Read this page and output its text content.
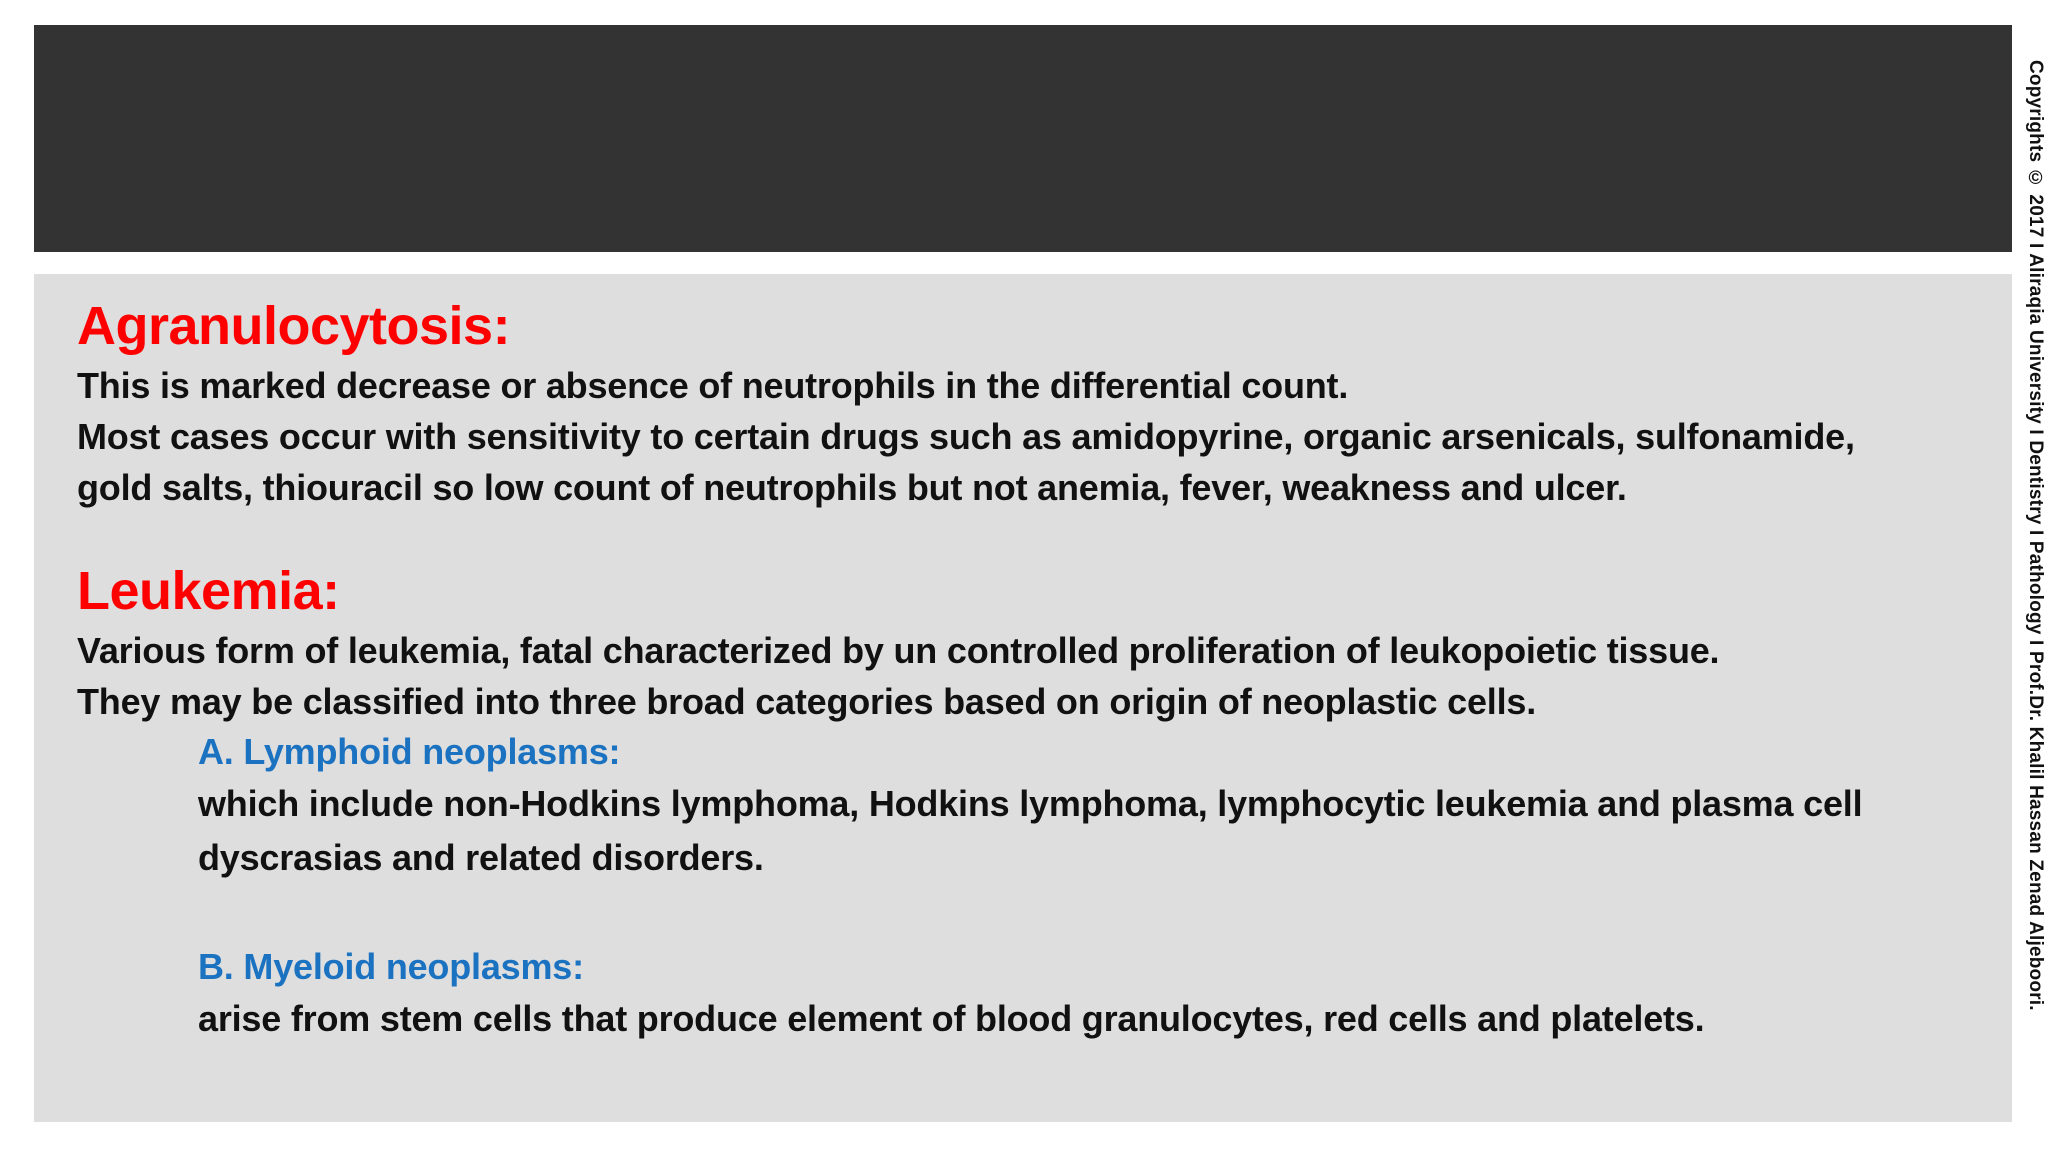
Agranulocytosis:
This is marked decrease or absence of neutrophils in the differential count.
Most cases occur with sensitivity to certain drugs such as amidopyrine, organic arsenicals, sulfonamide,
gold salts, thiouracil so low count of neutrophils but not anemia, fever, weakness and ulcer.
Leukemia:
Various form of leukemia, fatal characterized by un controlled proliferation of leukopoietic tissue.
They may be classified into three broad categories based on origin of neoplastic cells.
A. Lymphoid neoplasms:
which include non-Hodkins lymphoma, Hodkins lymphoma, lymphocytic leukemia and plasma cell
dyscrasias and related disorders.
B. Myeloid neoplasms:
arise from stem cells that produce element of blood granulocytes, red cells and platelets.
Copyrights © 2017 I Aliraqia University I Dentistry I Pathology I Prof.Dr. Khalil Hassan Zenad Aljeboori.
